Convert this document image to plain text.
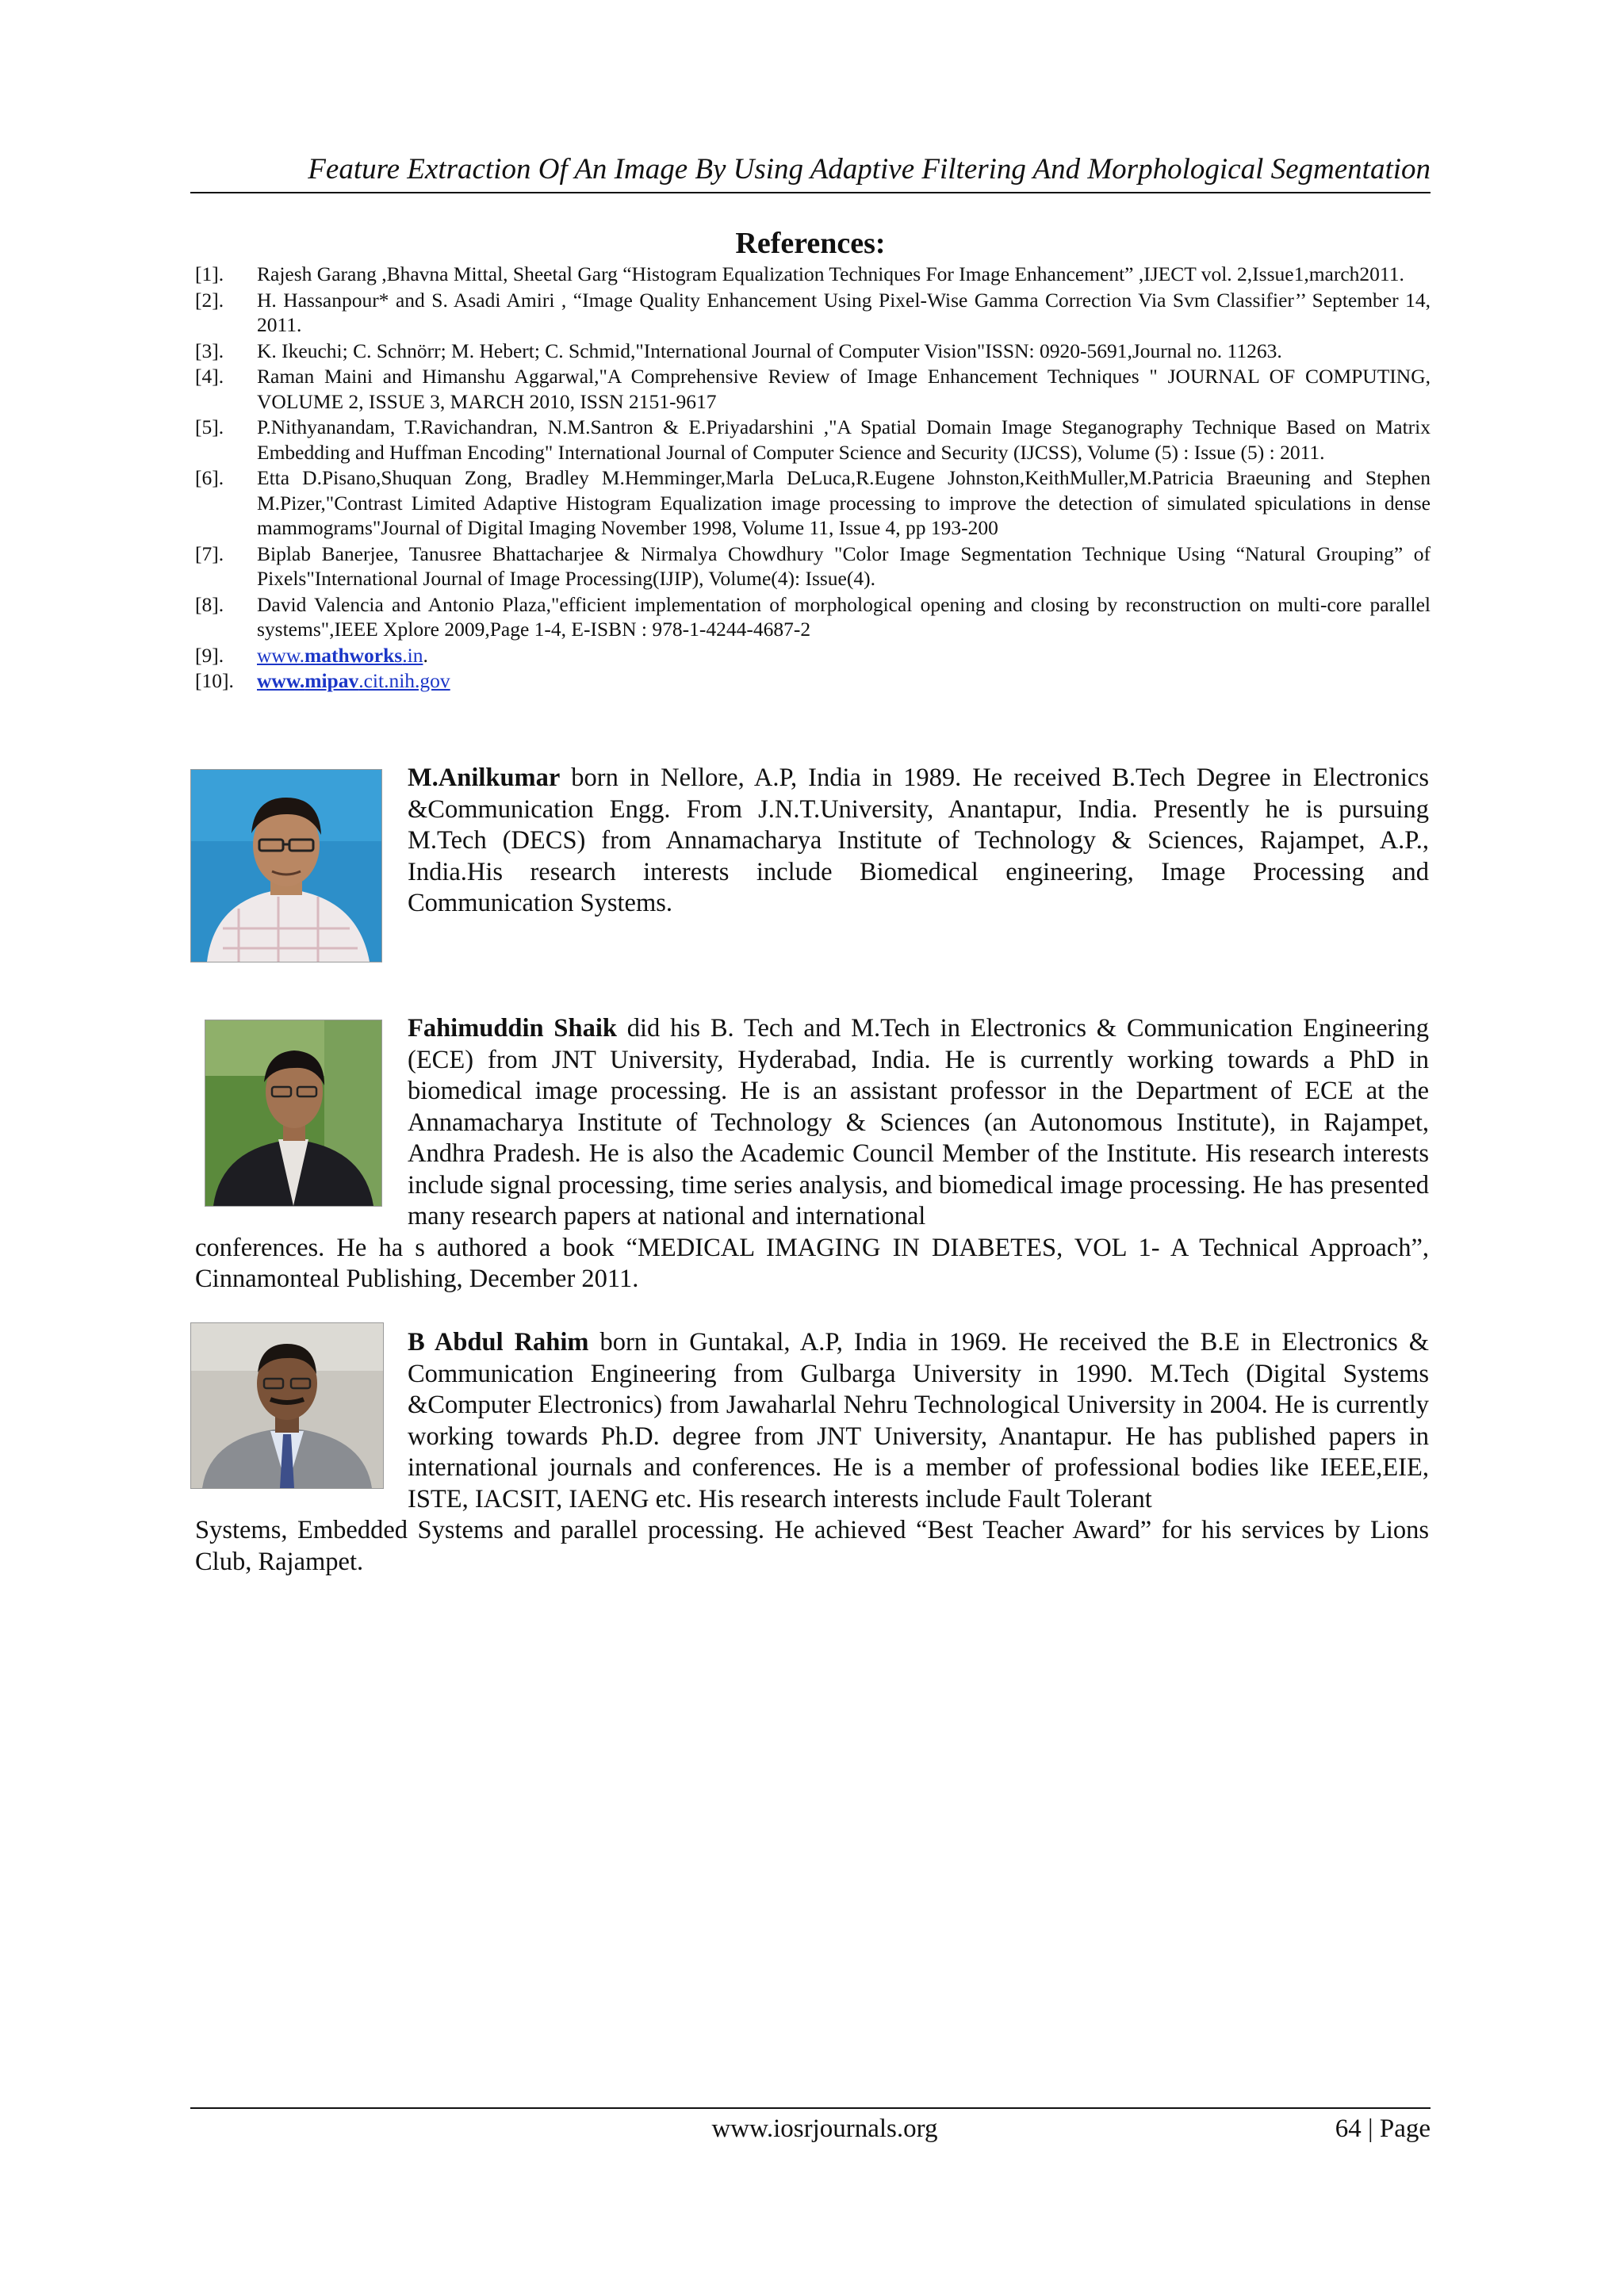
Feature Extraction Of An Image By Using Adaptive Filtering And Morphological Segmentation
References:
[1].	Rajesh Garang ,Bhavna Mittal, Sheetal Garg “Histogram Equalization Techniques For Image Enhancement” ,IJECT vol. 2,Issue1,march2011.
[2].	H. Hassanpour* and S. Asadi Amiri , “Image Quality Enhancement Using Pixel-Wise Gamma Correction Via Svm Classifier’’ September 14, 2011.
[3].	K. Ikeuchi; C. Schnörr; M. Hebert; C. Schmid,"International Journal of Computer Vision"ISSN: 0920-5691,Journal no. 11263.
[4].	Raman Maini and Himanshu Aggarwal,"A Comprehensive Review of Image Enhancement Techniques " JOURNAL OF COMPUTING, VOLUME 2, ISSUE 3, MARCH 2010, ISSN 2151-9617
[5].	P.Nithyanandam, T.Ravichandran, N.M.Santron & E.Priyadarshini ,"A Spatial Domain Image Steganography Technique Based on Matrix Embedding and Huffman Encoding" International Journal of Computer Science and Security (IJCSS), Volume (5) : Issue (5) : 2011.
[6].	Etta D.Pisano,Shuquan Zong, Bradley M.Hemminger,Marla DeLuca,R.Eugene Johnston,KeithMuller,M.Patricia Braeuning and Stephen M.Pizer,"Contrast Limited Adaptive Histogram Equalization image processing to improve the detection of simulated spiculations in dense mammograms"Journal of Digital Imaging November 1998, Volume 11, Issue 4, pp 193-200
[7].	Biplab Banerjee, Tanusree Bhattacharjee & Nirmalya Chowdhury "Color Image Segmentation Technique Using “Natural Grouping” of Pixels"International Journal of Image Processing(IJIP), Volume(4): Issue(4).
[8].	David Valencia and Antonio Plaza,"efficient implementation of morphological opening and closing by reconstruction on multi-core parallel systems",IEEE Xplore 2009,Page 1-4, E-ISBN : 978-1-4244-4687-2
[9].	www.mathworks.in.
[10].	www.mipav.cit.nih.gov
M.Anilkumar born in Nellore, A.P, India in 1989. He received B.Tech Degree in Electronics &Communication Engg. From J.N.T.University, Anantapur, India. Presently he is pursuing M.Tech (DECS) from Annamacharya Institute of Technology & Sciences, Rajampet, A.P., India.His research interests include Biomedical engineering, Image Processing and Communication Systems.
Fahimuddin Shaik did his B. Tech and M.Tech in Electronics & Communication Engineering (ECE) from JNT University, Hyderabad, India. He is currently working towards a PhD in biomedical image processing. He is an assistant professor in the Department of ECE at the Annamacharya Institute of Technology & Sciences (an Autonomous Institute), in Rajampet, Andhra Pradesh. He is also the Academic Council Member of the Institute. His research interests include signal processing, time series analysis, and biomedical image processing. He has presented many research papers at national and international
conferences. He ha s authored a book “MEDICAL IMAGING IN DIABETES, VOL 1- A Technical Approach”, Cinnamonteal Publishing, December 2011.
B Abdul Rahim born in Guntakal, A.P, India in 1969. He received the B.E in Electronics & Communication Engineering from Gulbarga University in 1990. M.Tech (Digital Systems &Computer Electronics) from Jawaharlal Nehru Technological University in 2004. He is currently working towards Ph.D. degree from JNT University, Anantapur. He has published papers in international journals and conferences. He is a member of professional bodies like IEEE,EIE, ISTE, IACSIT, IAENG etc. His research interests include Fault Tolerant
Systems, Embedded Systems and parallel processing. He achieved “Best Teacher Award” for his services by Lions Club, Rajampet.
www.iosrjournals.org	64 | Page
